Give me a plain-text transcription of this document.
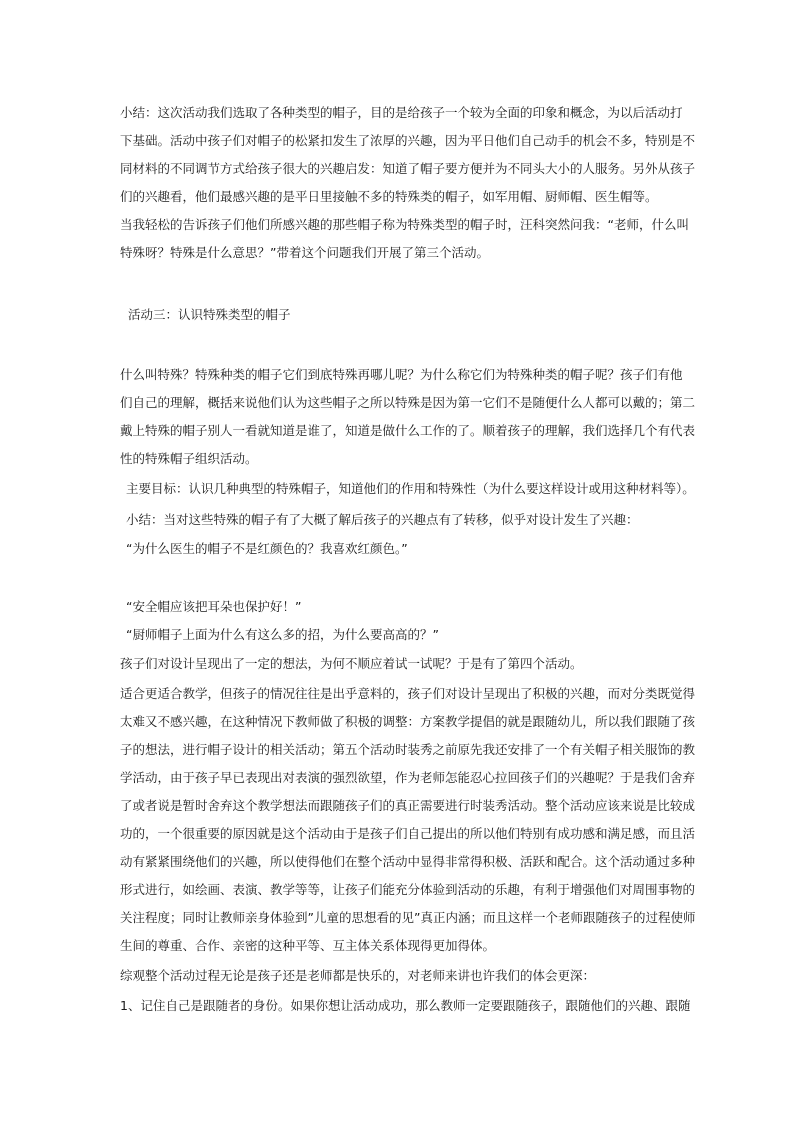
小结：这次活动我们选取了各种类型的帽子，目的是给孩子一个较为全面的印象和概念，为以后活动打
下基础。活动中孩子们对帽子的松紧扣发生了浓厚的兴趣，因为平日他们自己动手的机会不多，特别是不
同材料的不同调节方式给孩子很大的兴趣启发：知道了帽子要方便并为不同头大小的人服务。另外从孩子
们的兴趣看，他们最感兴趣的是平日里接触不多的特殊类的帽子，如军用帽、厨师帽、医生帽等。
当我轻松的告诉孩子们他们所感兴趣的那些帽子称为特殊类型的帽子时，汪科突然问我：“老师，什么叫
特殊呀？特殊是什么意思？”带着这个问题我们开展了第三个活动。
活动三：认识特殊类型的帽子
什么叫特殊？特殊种类的帽子它们到底特殊再哪儿呢？为什么称它们为特殊种类的帽子呢？孩子们有他
们自己的理解，概括来说他们认为这些帽子之所以特殊是因为第一它们不是随便什么人都可以戴的；第二
戴上特殊的帽子别人一看就知道是谁了，知道是做什么工作的了。顺着孩子的理解，我们选择几个有代表
性的特殊帽子组织活动。
主要目标：认识几种典型的特殊帽子，知道他们的作用和特殊性（为什么要这样设计或用这种材料等）。
小结：当对这些特殊的帽子有了大概了解后孩子的兴趣点有了转移，似乎对设计发生了兴趣：
“为什么医生的帽子不是红颜色的？我喜欢红颜色。”
“安全帽应该把耳朵也保护好！”
“厨师帽子上面为什么有这么多的招，为什么要高高的？”
孩子们对设计呈现出了一定的想法，为何不顺应着试一试呢？于是有了第四个活动。
适合更适合教学，但孩子的情况往往是出乎意料的，孩子们对设计呈现出了积极的兴趣，而对分类既觉得
太难又不感兴趣，在这种情况下教师做了积极的调整：方案教学提倡的就是跟随幼儿，所以我们跟随了孩
子的想法，进行帽子设计的相关活动；第五个活动时装秀之前原先我还安排了一个有关帽子相关服饰的教
学活动，由于孩子早已表现出对表演的强烈欲望，作为老师怎能忍心拉回孩子们的兴趣呢？于是我们舍弃
了或者说是暂时舍弃这个教学想法而跟随孩子们的真正需要进行时装秀活动。整个活动应该来说是比较成
功的，一个很重要的原因就是这个活动由于是孩子们自己提出的所以他们特别有成功感和满足感，而且活
动有紧紧围绕他们的兴趣，所以使得他们在整个活动中显得非常得积极、活跃和配合。这个活动通过多种
形式进行，如绘画、表演、教学等等，让孩子们能充分体验到活动的乐趣，有利于增强他们对周围事物的
关注程度；同时让教师亲身体验到”儿童的思想看的见”真正内涵；而且这样一个老师跟随孩子的过程使师
生间的尊重、合作、亲密的这种平等、互主体关系体现得更加得体。
综观整个活动过程无论是孩子还是老师都是快乐的，对老师来讲也许我们的体会更深：
1、记住自己是跟随者的身份。如果你想让活动成功，那么教师一定要跟随孩子，跟随他们的兴趣、跟随
